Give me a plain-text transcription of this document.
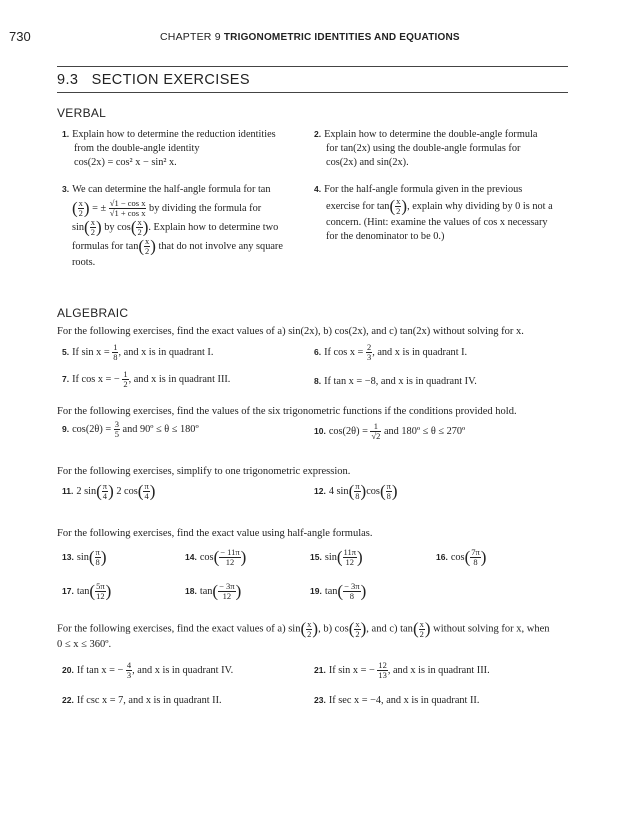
730	CHAPTER 9 TRIGONOMETRIC IDENTITIES AND EQUATIONS
9.3 SECTION EXERCISES
VERBAL
1. Explain how to determine the reduction identities
from the double-angle identity
cos(2x) = cos² x − sin² x.
2. Explain how to determine the double-angle formula
for tan(2x) using the double-angle formulas for
cos(2x) and sin(2x).
3. We can determine the half-angle formula for tan
( $\frac{x}{2}$ ) = ± $\frac{\text{√1 − cos x}}{\text{√1 + cos x}}$ by dividing the formula for
$\sin( \frac{x}{2}$ ) by $\cos( \frac{x}{2}$ ). Explain how to determine two
formulas for $\tan( \frac{x}{2}$ ) that do not involve any square
roots.
4. For the half-angle formula given in the previous
exercise for $\tan( \frac{x}{2}$ ), explain why dividing by 0 is not a
concern. (Hint: examine the values of cos x necessary
for the denominator to be 0.)
ALGEBRAIC
For the following exercises, find the exact values of a) sin(2x), b) cos(2x), and c) tan(2x) without solving for x.
5. If $\sin x = \frac{1}{8}$ , and x is in quadrant I.	6. If $\cos x = \frac{2}{3}$ , and x is in quadrant I.
7. If cos x = − $\frac{1}{2}$ , and x is in quadrant III.	8. If tan x = −8, and x is in quadrant IV.
For the following exercises, find the values of the six trigonometric functions if the conditions provided hold.
9. $\cos(2\theta) = \frac{3}{5}$ and 90º ≤ θ ≤ 180º	10. $\cos(2\theta) = \frac{1}{√2}$ and 180º ≤ θ ≤ 270º
For the following exercises, simplify to one trigonometric expression.
11. 2 $\sin( \frac{\pi}{4}$ ) 2 $\cos( \frac{\pi}{4}$ )	12. 4 $\sin( \frac{\pi}{8} )\cos( \frac{\pi}{8}$ )
For the following exercises, find the exact value using half-angle formulas.
13. $\sin( \frac{\pi}{8}$ )	14. $\cos( \frac{- 11\pi}{12}$ )	15. $\sin( \frac{11\pi}{12}$ )	16. $\cos( \frac{7\pi}{8}$ )
17. $\tan( \frac{5\pi}{12}$ )	18. $\tan( \frac{- 3\pi}{12}$ )	19. $\tan( \frac{- 3\pi}{8}$ )
For the following exercises, find the exact values of a) $\sin( \frac{x}{2}$ ), b) $\cos( \frac{x}{2}$ ), and c) $\tan( \frac{x}{2}$ ) without solving for x, when
0 ≤ x ≤ 360º.
20. If tan x = − $\frac{4}{3}$ , and x is in quadrant IV.	21. If sin x = − $\frac{12}{13}$ , and x is in quadrant III.
22. If csc x = 7, and x is in quadrant II.	23. If sec x = −4, and x is in quadrant II.
